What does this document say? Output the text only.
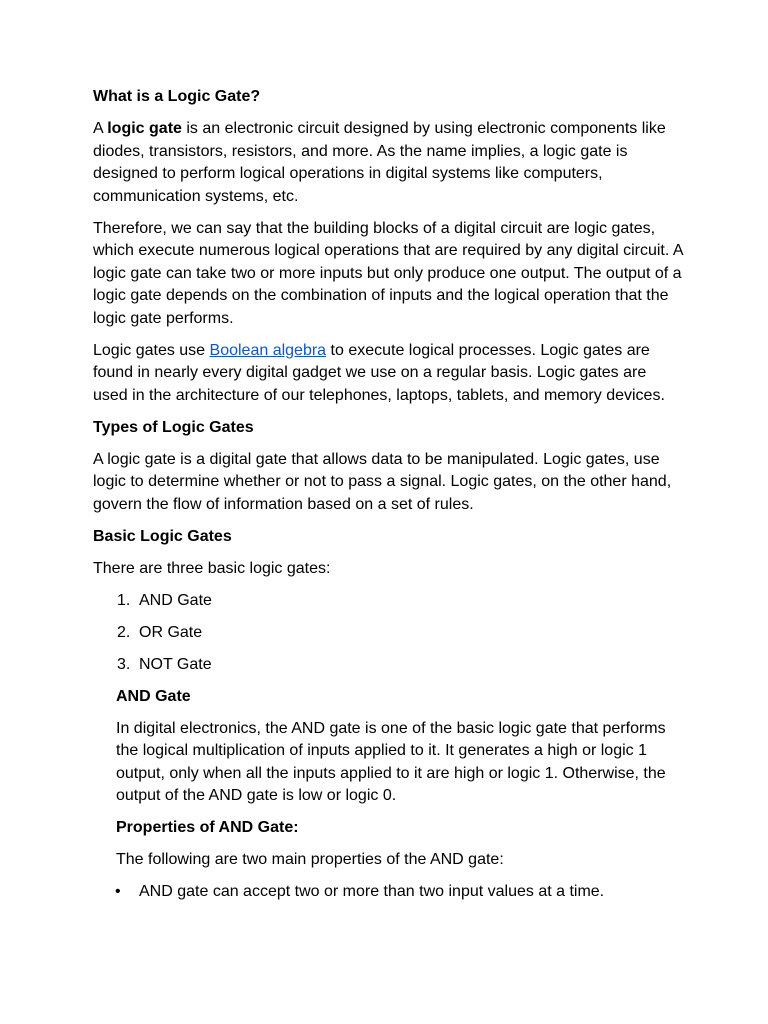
What is a Logic Gate?

A logic gate is an electronic circuit designed by using electronic components like diodes, transistors, resistors, and more. As the name implies, a logic gate is designed to perform logical operations in digital systems like computers, communication systems, etc.

Therefore, we can say that the building blocks of a digital circuit are logic gates, which execute numerous logical operations that are required by any digital circuit. A logic gate can take two or more inputs but only produce one output. The output of a logic gate depends on the combination of inputs and the logical operation that the logic gate performs.

Logic gates use Boolean algebra to execute logical processes. Logic gates are found in nearly every digital gadget we use on a regular basis. Logic gates are used in the architecture of our telephones, laptops, tablets, and memory devices.

Types of Logic Gates

A logic gate is a digital gate that allows data to be manipulated. Logic gates, use logic to determine whether or not to pass a signal. Logic gates, on the other hand, govern the flow of information based on a set of rules.

Basic Logic Gates

There are three basic logic gates:

1. AND Gate
2. OR Gate
3. NOT Gate

AND Gate

In digital electronics, the AND gate is one of the basic logic gate that performs the logical multiplication of inputs applied to it. It generates a high or logic 1 output, only when all the inputs applied to it are high or logic 1. Otherwise, the output of the AND gate is low or logic 0.

Properties of AND Gate:

The following are two main properties of the AND gate:

•	AND gate can accept two or more than two input values at a time.
